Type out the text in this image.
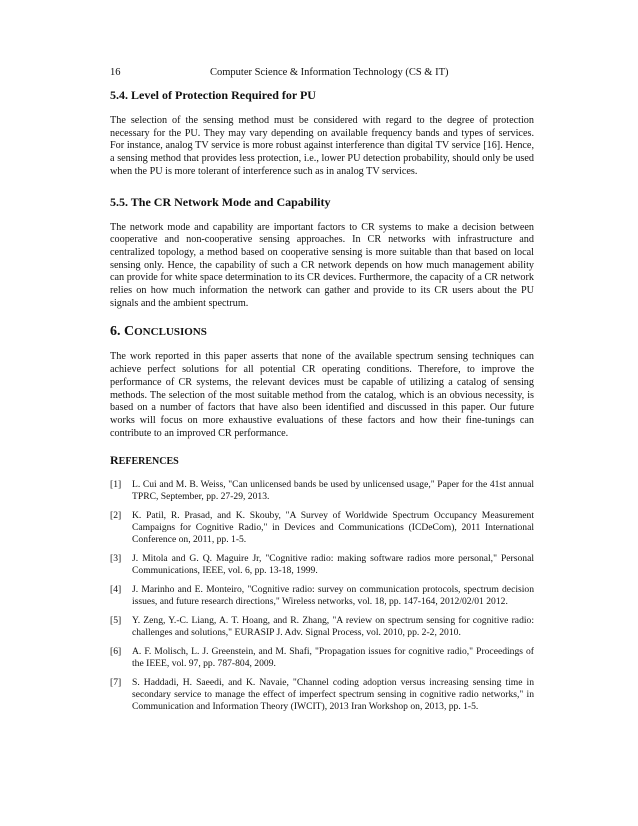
16	Computer Science & Information Technology (CS & IT)
5.4. Level of Protection Required for PU

The selection of the sensing method must be considered with regard to the degree of protection necessary for the PU. They may vary depending on available frequency bands and types of services. For instance, analog TV service is more robust against interference than digital TV service [16]. Hence, a sensing method that provides less protection, i.e., lower PU detection probability, should only be used when the PU is more tolerant of interference such as in analog TV services.

5.5. The CR Network Mode and Capability

The network mode and capability are important factors to CR systems to make a decision between cooperative and non-cooperative sensing approaches. In CR networks with infrastructure and centralized topology, a method based on cooperative sensing is more suitable than that based on local sensing only. Hence, the capability of such a CR network depends on how much management ability can provide for white space determination to its CR devices. Furthermore, the capacity of a CR network relies on how much information the network can gather and provide to its CR users about the PU signals and the ambient spectrum.

6. CONCLUSIONS

The work reported in this paper asserts that none of the available spectrum sensing techniques can achieve perfect solutions for all potential CR operating conditions. Therefore, to improve the performance of CR systems, the relevant devices must be capable of utilizing a catalog of sensing methods. The selection of the most suitable method from the catalog, which is an obvious necessity, is based on a number of factors that have also been identified and discussed in this paper. Our future works will focus on more exhaustive evaluations of these factors and how their fine-tunings can contribute to an improved CR performance.

REFERENCES
[1]	L. Cui and M. B. Weiss, "Can unlicensed bands be used by unlicensed usage," Paper for the 41st annual TPRC, September, pp. 27-29, 2013.
[2]	K. Patil, R. Prasad, and K. Skouby, "A Survey of Worldwide Spectrum Occupancy Measurement Campaigns for Cognitive Radio," in Devices and Communications (ICDeCom), 2011 International Conference on, 2011, pp. 1-5.
[3]	J. Mitola and G. Q. Maguire Jr, "Cognitive radio: making software radios more personal," Personal Communications, IEEE, vol. 6, pp. 13-18, 1999.
[4]	J. Marinho and E. Monteiro, "Cognitive radio: survey on communication protocols, spectrum decision issues, and future research directions," Wireless networks, vol. 18, pp. 147-164, 2012/02/01 2012.
[5]	Y. Zeng, Y.-C. Liang, A. T. Hoang, and R. Zhang, "A review on spectrum sensing for cognitive radio: challenges and solutions," EURASIP J. Adv. Signal Process, vol. 2010, pp. 2-2, 2010.
[6]	A. F. Molisch, L. J. Greenstein, and M. Shafi, "Propagation issues for cognitive radio," Proceedings of the IEEE, vol. 97, pp. 787-804, 2009.
[7]	S. Haddadi, H. Saeedi, and K. Navaie, "Channel coding adoption versus increasing sensing time in secondary service to manage the effect of imperfect spectrum sensing in cognitive radio networks," in Communication and Information Theory (IWCIT), 2013 Iran Workshop on, 2013, pp. 1-5.
